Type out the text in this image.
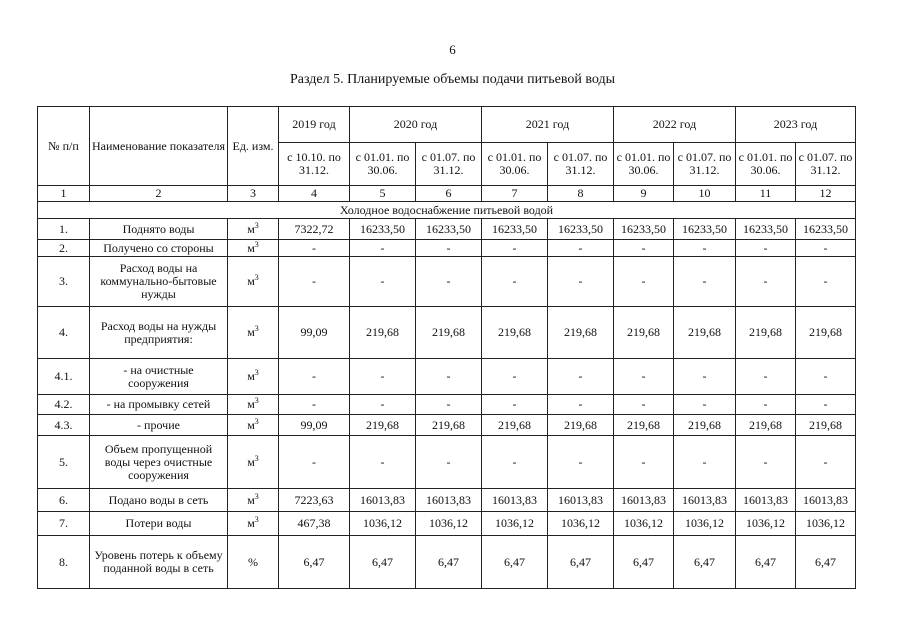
6
Раздел 5. Планируемые объемы подачи питьевой воды
№ п/п	Наименование показателя	Ед. изм.	2019 год	2020 год		2021 год		2022 год		2023 год	
			с 10.10. по 31.12.	с 01.01. по 30.06.	с 01.07. по 31.12.	с 01.01. по 30.06.	с 01.07. по 31.12.	с 01.01. по 30.06.	с 01.07. по 31.12.	с 01.01. по 30.06.	с 01.07. по 31.12.
1	2	3	4	5	6	7	8	9	10	11	12
Холодное водоснабжение питьевой водой											
1.	Поднято воды	$м^3$	7322,72	16233,50	16233,50	16233,50	16233,50	16233,50	16233,50	16233,50	16233,50
2.	Получено со стороны	$м^3$	-	-	-	-	-	-	-	-	-
3.	Расход воды на коммунально-бытовые нужды	$м^3$	-	-	-	-	-	-	-	-	-
4.	Расход воды на нужды предприятия:	$м^3$	99,09	219,68	219,68	219,68	219,68	219,68	219,68	219,68	219,68
4.1.	- на очистные сооружения	$м^3$	-	-	-	-	-	-	-	-	-
4.2.	- на промывку сетей	$м^3$	-	-	-	-	-	-	-	-	-
4.3.	- прочие	$м^3$	99,09	219,68	219,68	219,68	219,68	219,68	219,68	219,68	219,68
5.	Объем пропущенной воды через очистные сооружения	$м^3$	-	-	-	-	-	-	-	-	-
6.	Подано воды в сеть	$м^3$	7223,63	16013,83	16013,83	16013,83	16013,83	16013,83	16013,83	16013,83	16013,83
7.	Потери воды	$м^3$	467,38	1036,12	1036,12	1036,12	1036,12	1036,12	1036,12	1036,12	1036,12
8.	Уровень потерь к объему поданной воды в сеть	%	6,47	6,47	6,47	6,47	6,47	6,47	6,47	6,47	6,47
